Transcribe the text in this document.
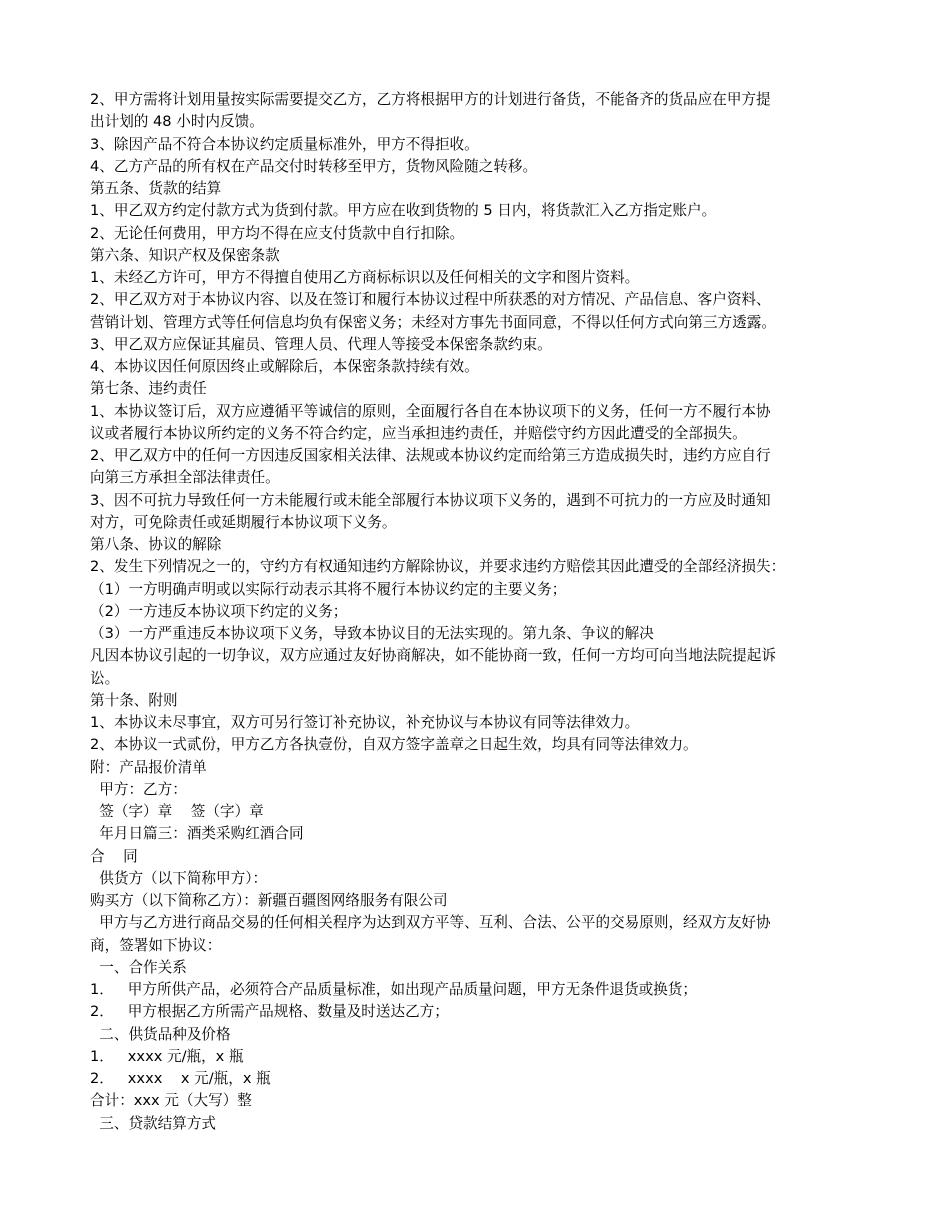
2、甲方需将计划用量按实际需要提交乙方，乙方将根据甲方的计划进行备货，不能备齐的货品应在甲方提
出计划的 48 小时内反馈。
3、除因产品不符合本协议约定质量标准外，甲方不得拒收。
4、乙方产品的所有权在产品交付时转移至甲方，货物风险随之转移。
第五条、货款的结算
1、甲乙双方约定付款方式为货到付款。甲方应在收到货物的 5 日内，将货款汇入乙方指定账户。
2、无论任何费用，甲方均不得在应支付货款中自行扣除。
第六条、知识产权及保密条款
1、未经乙方许可，甲方不得擅自使用乙方商标标识以及任何相关的文字和图片资料。
2、甲乙双方对于本协议内容、以及在签订和履行本协议过程中所获悉的对方情况、产品信息、客户资料、
营销计划、管理方式等任何信息均负有保密义务；未经对方事先书面同意，不得以任何方式向第三方透露。
3、甲乙双方应保证其雇员、管理人员、代理人等接受本保密条款约束。
4、本协议因任何原因终止或解除后，本保密条款持续有效。
第七条、违约责任
1、本协议签订后，双方应遵循平等诚信的原则，全面履行各自在本协议项下的义务，任何一方不履行本协
议或者履行本协议所约定的义务不符合约定，应当承担违约责任，并赔偿守约方因此遭受的全部损失。
2、甲乙双方中的任何一方因违反国家相关法律、法规或本协议约定而给第三方造成损失时，违约方应自行
向第三方承担全部法律责任。
3、因不可抗力导致任何一方未能履行或未能全部履行本协议项下义务的，遇到不可抗力的一方应及时通知
对方，可免除责任或延期履行本协议项下义务。
第八条、协议的解除
2、发生下列情况之一的，守约方有权通知违约方解除协议，并要求违约方赔偿其因此遭受的全部经济损失：
（1）一方明确声明或以实际行动表示其将不履行本协议约定的主要义务；
（2）一方违反本协议项下约定的义务；
（3）一方严重违反本协议项下义务，导致本协议目的无法实现的。第九条、争议的解决
凡因本协议引起的一切争议，双方应通过友好协商解决，如不能协商一致，任何一方均可向当地法院提起诉
讼。
第十条、附则
1、本协议未尽事宜，双方可另行签订补充协议，补充协议与本协议有同等法律效力。
2、本协议一式贰份，甲方乙方各执壹份，自双方签字盖章之日起生效，均具有同等法律效力。
附：产品报价清单
甲方：乙方：
签（字）章    签（字）章
年月日篇三：酒类采购红酒合同
合    同
供货方（以下简称甲方）：
购买方（以下简称乙方）：新疆百疆图网络服务有限公司
甲方与乙方进行商品交易的任何相关程序为达到双方平等、互利、合法、公平的交易原则，经双方友好协
商，签署如下协议：
一、合作关系
1．   甲方所供产品，必须符合产品质量标准，如出现产品质量问题，甲方无条件退货或换货；
2．   甲方根据乙方所需产品规格、数量及时送达乙方；
二、供货品种及价格
1．   xxxx 元/瓶，x 瓶
2．   xxxx    x 元/瓶，x 瓶
合计：xxx 元（大写）整
三、贷款结算方式
